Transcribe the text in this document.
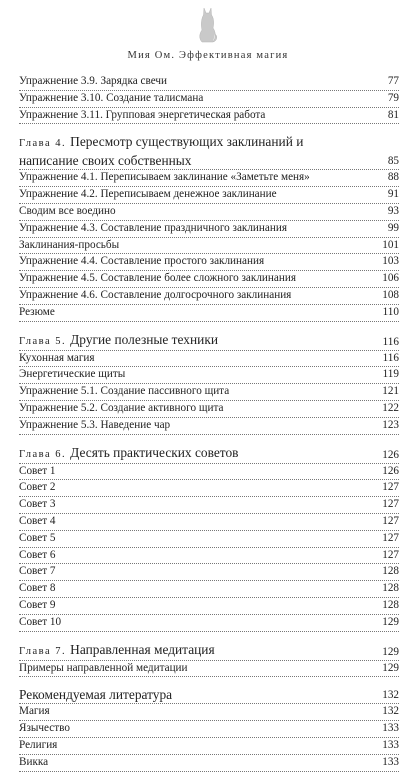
Мия Ом. Эффективная магия
Упражнение 3.9. Зарядка свечи	77
Упражнение 3.10. Создание талисмана	79
Упражнение 3.11. Групповая энергетическая работа	81
Глава 4. Пересмотр существующих заклинаний и написание своих собственных	85
Упражнение 4.1. Переписываем заклинание «Заметьте меня»	88
Упражнение 4.2. Переписываем денежное заклинание	91
Сводим все воедино	93
Упражнение 4.3. Составление праздничного заклинания	99
Заклинания-просьбы	101
Упражнение 4.4. Составление простого заклинания	103
Упражнение 4.5. Составление более сложного заклинания	106
Упражнение 4.6. Составление долгосрочного заклинания	108
Резюме	110
Глава 5. Другие полезные техники	116
Кухонная магия	116
Энергетические щиты	119
Упражнение 5.1. Создание пассивного щита	121
Упражнение 5.2. Создание активного щита	122
Упражнение 5.3. Наведение чар	123
Глава 6. Десять практических советов	126
Совет 1	126
Совет 2	127
Совет 3	127
Совет 4	127
Совет 5	127
Совет 6	127
Совет 7	128
Совет 8	128
Совет 9	128
Совет 10	129
Глава 7. Направленная медитация	129
Примеры направленной медитации	129
Рекомендуемая литература	132
Магия	132
Язычество	133
Религия	133
Викка	133
